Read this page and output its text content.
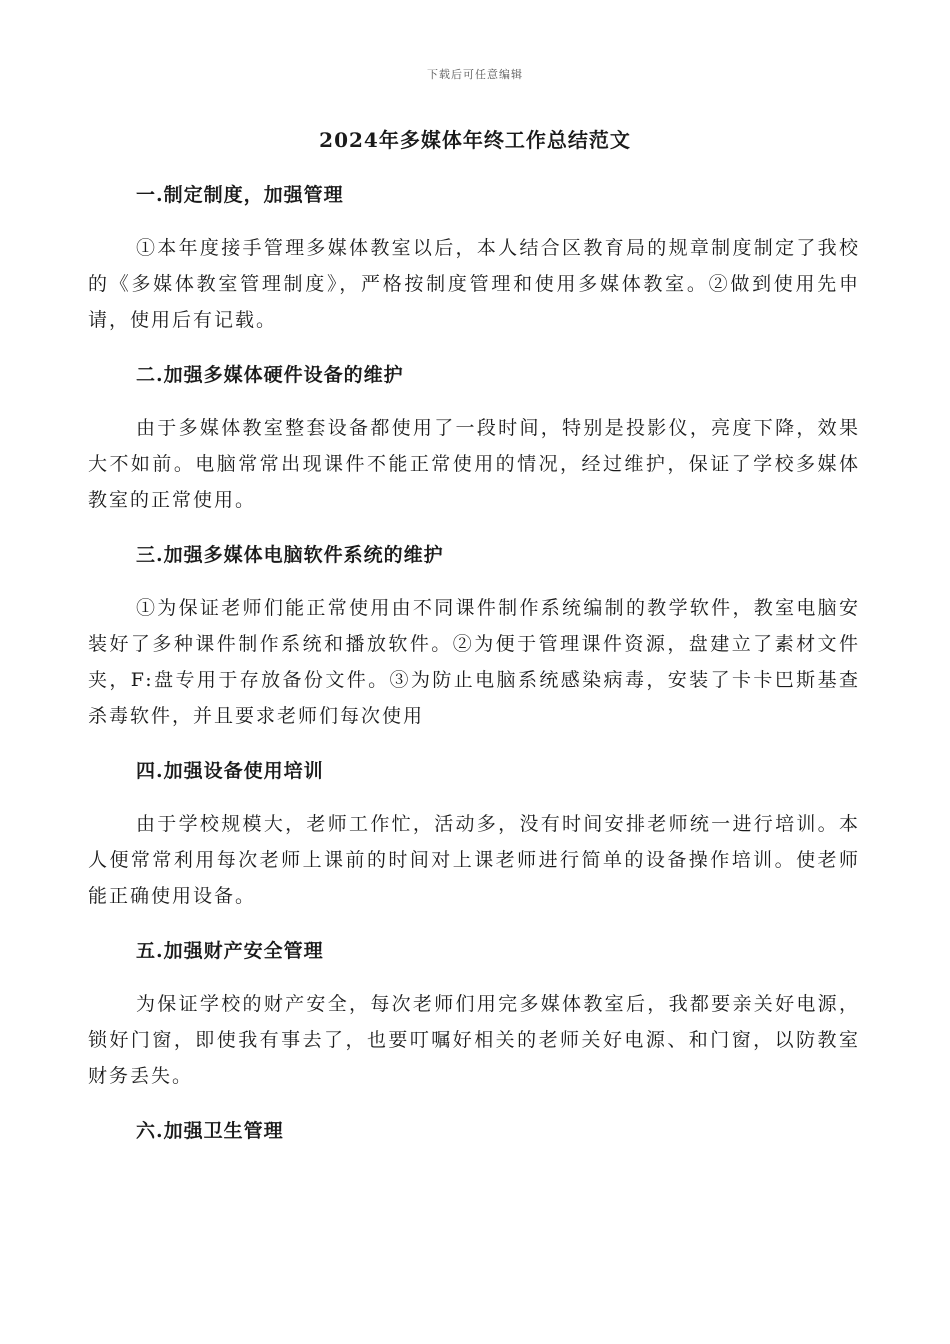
下载后可任意编辑
2024年多媒体年终工作总结范文
一.制定制度，加强管理
①本年度接手管理多媒体教室以后，本人结合区教育局的规章制度制定了我校的《多媒体教室管理制度》，严格按制度管理和使用多媒体教室。②做到使用先申请，使用后有记载。
二.加强多媒体硬件设备的维护
由于多媒体教室整套设备都使用了一段时间，特别是投影仪，亮度下降，效果大不如前。电脑常常出现课件不能正常使用的情况，经过维护，保证了学校多媒体教室的正常使用。
三.加强多媒体电脑软件系统的维护
①为保证老师们能正常使用由不同课件制作系统编制的教学软件，教室电脑安装好了多种课件制作系统和播放软件。②为便于管理课件资源，盘建立了素材文件夹，F:盘专用于存放备份文件。③为防止电脑系统感染病毒，安装了卡卡巴斯基查杀毒软件，并且要求老师们每次使用
四.加强设备使用培训
由于学校规模大，老师工作忙，活动多，没有时间安排老师统一进行培训。本人便常常利用每次老师上课前的时间对上课老师进行简单的设备操作培训。使老师能正确使用设备。
五.加强财产安全管理
为保证学校的财产安全，每次老师们用完多媒体教室后，我都要亲关好电源，锁好门窗，即使我有事去了，也要叮嘱好相关的老师关好电源、和门窗，以防教室财务丢失。
六.加强卫生管理
